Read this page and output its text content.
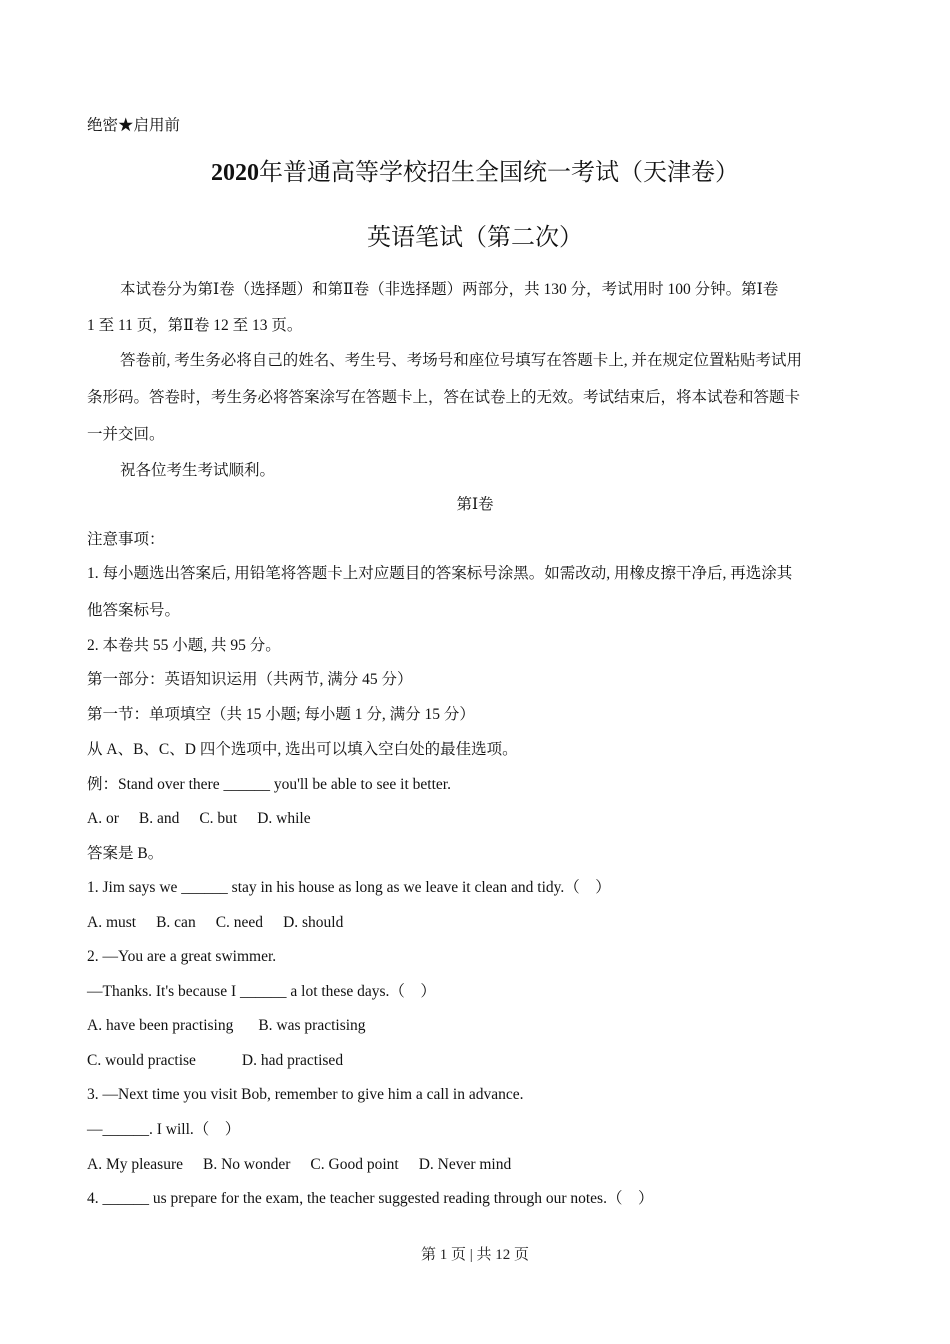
绝密★启用前
2020年普通高等学校招生全国统一考试（天津卷）
英语笔试（第二次）
本试卷分为第Ⅰ卷（选择题）和第Ⅱ卷（非选择题）两部分，共 130 分，考试用时 100 分钟。第Ⅰ卷
1 至 11 页，第Ⅱ卷 12 至 13 页。
答卷前, 考生务必将自己的姓名、考生号、考场号和座位号填写在答题卡上, 并在规定位置粘贴考试用
条形码。答卷时，考生务必将答案涂写在答题卡上，答在试卷上的无效。考试结束后，将本试卷和答题卡
一并交回。
祝各位考生考试顺利。
第Ⅰ卷
注意事项：
1. 每小题选出答案后, 用铅笔将答题卡上对应题目的答案标号涂黑。如需改动, 用橡皮擦干净后, 再选涂其
他答案标号。
2. 本卷共 55 小题, 共 95 分。
第一部分：英语知识运用（共两节, 满分 45 分）
第一节：单项填空（共 15 小题; 每小题 1 分, 满分 15 分）
从 A、B、C、D 四个选项中, 选出可以填入空白处的最佳选项。
例：Stand over there ______ you'll be able to see it better.
A. or B. and C. but D. while
答案是 B。
1. Jim says we ______ stay in his house as long as we leave it clean and tidy.（　）
A. must B. can C. need D. should
2. —You are a great swimmer.
—Thanks. It's because I ______ a lot these days.（　）
A. have been practising B. was practising
C. would practise	D. had practised
3. —Next time you visit Bob, remember to give him a call in advance.
—______. I will.（　）
A. My pleasure B. No wonder C. Good point D. Never mind
4. ______ us prepare for the exam, the teacher suggested reading through our notes.（　）
第 1 页 | 共 12 页
